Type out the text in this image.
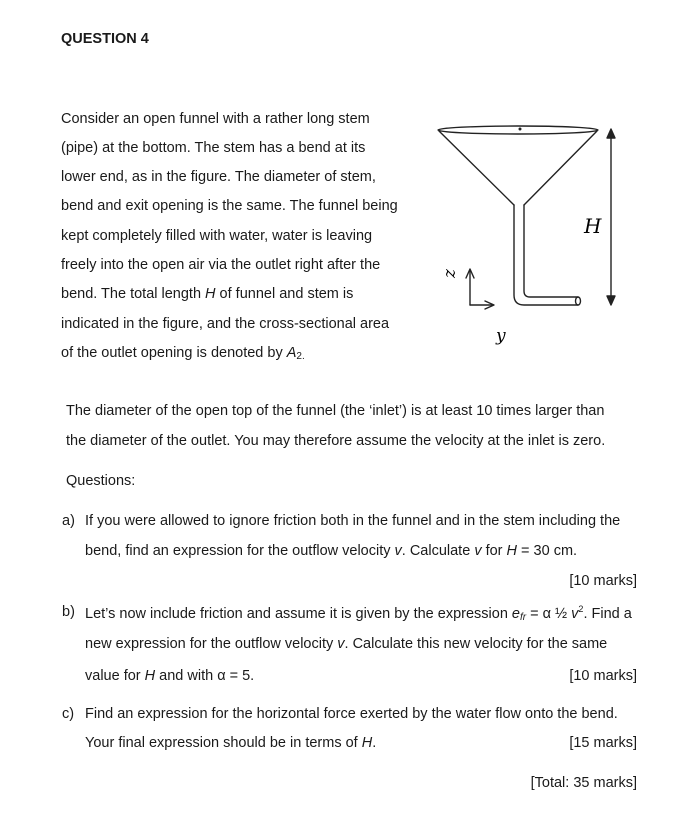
QUESTION 4
Consider an open funnel with a rather long stem
(pipe) at the bottom. The stem has a bend at its
lower end, as in the figure. The diameter of stem,
bend and exit opening is the same. The funnel being
kept completely filled with water, water is leaving
freely into the open air via the outlet right after the
bend. The total length H of funnel and stem is
indicated in the figure, and the cross-sectional area
of the outlet opening is denoted by $A_{2.}$
H
z
y
The diameter of the open top of the funnel (the ‘inlet’) is at least 10 times larger than
the diameter of the outlet. You may therefore assume the velocity at the inlet is zero.
Questions:
a) If you were allowed to ignore friction both in the funnel and in the stem including the
bend, find an expression for the outflow velocity v. Calculate v for H = 30 cm.
[10 marks]
b) Let’s now include friction and assume it is given by the expression $e_{fr} = \alpha$ ½ $v^2$. Find a
new expression for the outflow velocity v. Calculate this new velocity for the same
value for H and with α = 5.	[10 marks]
c) Find an expression for the horizontal force exerted by the water flow onto the bend.
Your final expression should be in terms of H.	[15 marks]
[Total: 35 marks]
